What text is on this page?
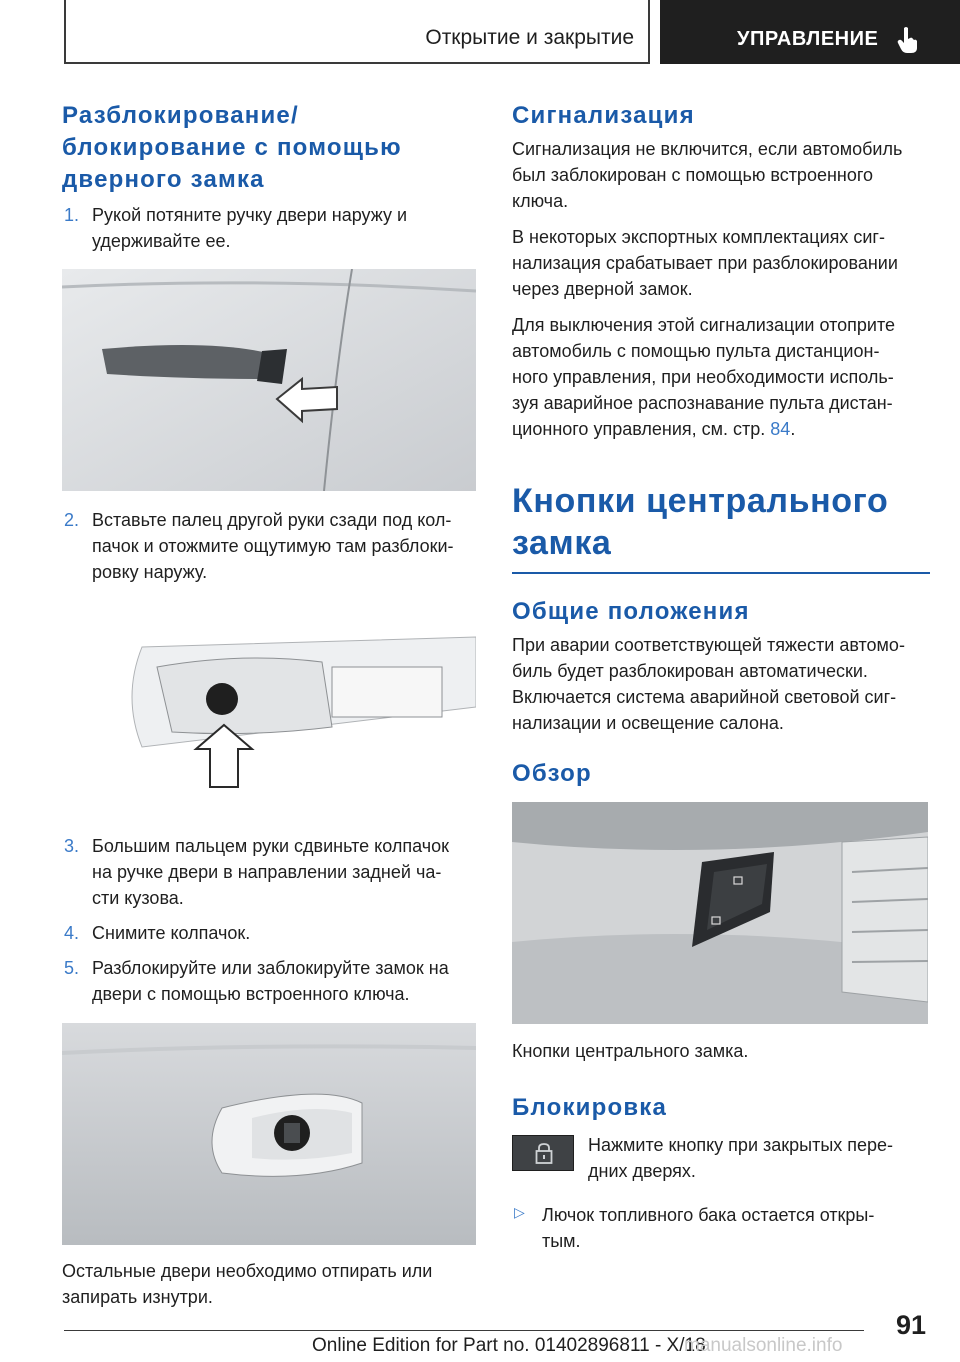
Открытие и закрытие	УПРАВЛЕНИЕ
Разблокирование/
блокирование с помощью
дверного замка
1. Рукой потяните ручку двери наружу и
удерживайте ее.
2. Вставьте палец другой руки сзади под кол-
пачок и отожмите ощутимую там разблоки-
ровку наружу.
3. Большим пальцем руки сдвиньте колпачок
на ручке двери в направлении задней ча-
сти кузова.
4. Снимите колпачок.
5. Разблокируйте или заблокируйте замок на
двери с помощью встроенного ключа.

Остальные двери необходимо отпирать или
запирать изнутри.

Сигнализация

Сигнализация не включится, если автомобиль
был заблокирован с помощью встроенного
ключа.

В некоторых экспортных комплектациях сиг-
нализация срабатывает при разблокировании
через дверной замок.

Для выключения этой сигнализации отоприте
автомобиль с помощью пульта дистанцион-
ного управления, при необходимости исполь-
зуя аварийное распознавание пульта дистан-
ционного управления, см. стр. 84.

Кнопки центрального
замка
Общие положения

При аварии соответствующей тяжести автомо-
биль будет разблокирован автоматически.
Включается система аварийной световой сиг-
нализации и освещение салона.

Обзор

Кнопки центрального замка.

Блокировка

Нажмите кнопку при закрытых пере-
дних дверях.

▷ Лючок топливного бака остается откры-
тым.

91
Online Edition for Part no. 01402896811 - X/18
manualsonline.info
